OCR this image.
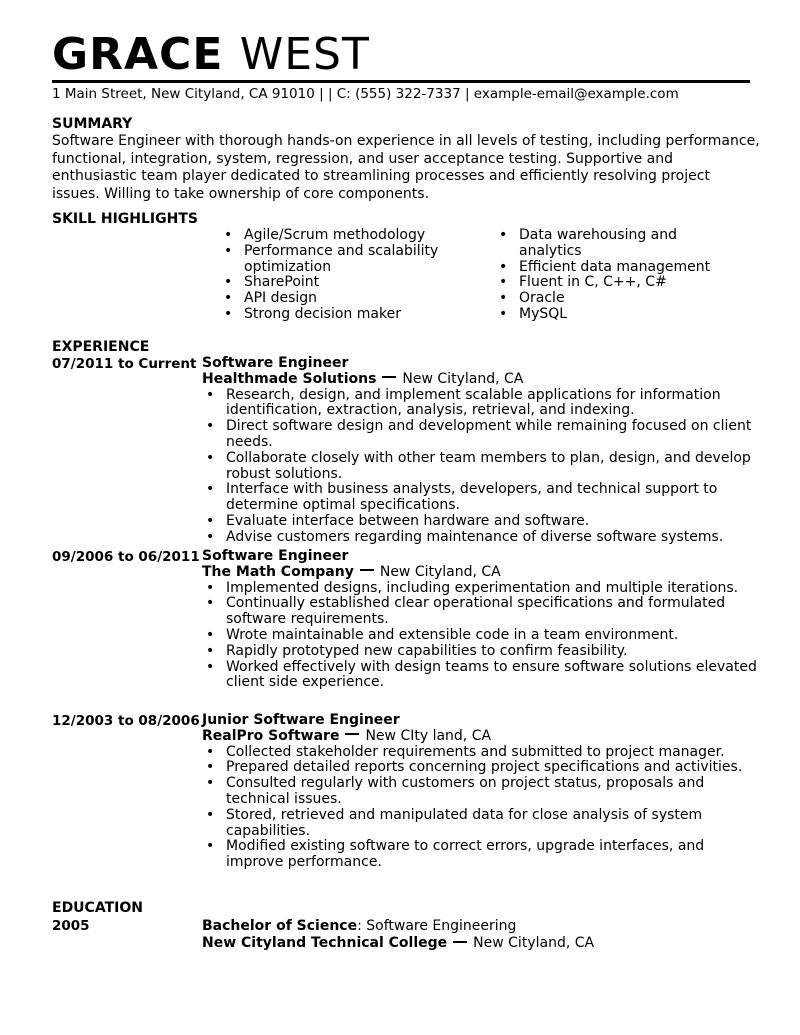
GRACE WEST
1 Main Street, New Cityland, CA 91010 | | C: (555) 322-7337 | example-email@example.com
SUMMARY

Software Engineer with thorough hands-on experience in all levels of testing, including performance, functional, integration, system, regression, and user acceptance testing. Supportive and enthusiastic team player dedicated to streamlining processes and efficiently resolving project issues. Willing to take ownership of core components.

SKILL HIGHLIGHTS
• Agile/Scrum methodology
• Performance and scalability optimization
• SharePoint
• API design
• Strong decision maker
• Data warehousing and analytics
• Efficient data management
• Fluent in C, C++, C#
• Oracle
• MySQL
EXPERIENCE
07/2011 to Current Software Engineer
Healthmade Solutions New Cityland, CA
• Research, design, and implement scalable applications for information identification, extraction, analysis, retrieval, and indexing.
• Direct software design and development while remaining focused on client needs.
• Collaborate closely with other team members to plan, design, and develop robust solutions.
• Interface with business analysts, developers, and technical support to determine optimal specifications.
• Evaluate interface between hardware and software.
• Advise customers regarding maintenance of diverse software systems.
09/2006 to 06/2011 Software Engineer
The Math Company New Cityland, CA
• Implemented designs, including experimentation and multiple iterations.
• Continually established clear operational specifications and formulated software requirements.
• Wrote maintainable and extensible code in a team environment.
• Rapidly prototyped new capabilities to confirm feasibility.
• Worked effectively with design teams to ensure software solutions elevated client side experience.
12/2003 to 08/2006 Junior Software Engineer
RealPro Software New CIty land, CA
• Collected stakeholder requirements and submitted to project manager.
• Prepared detailed reports concerning project specifications and activities.
• Consulted regularly with customers on project status, proposals and technical issues.
• Stored, retrieved and manipulated data for close analysis of system capabilities.
• Modified existing software to correct errors, upgrade interfaces, and improve performance.
EDUCATION
2005	Bachelor of Science: Software Engineering
New Cityland Technical College New Cityland, CA
